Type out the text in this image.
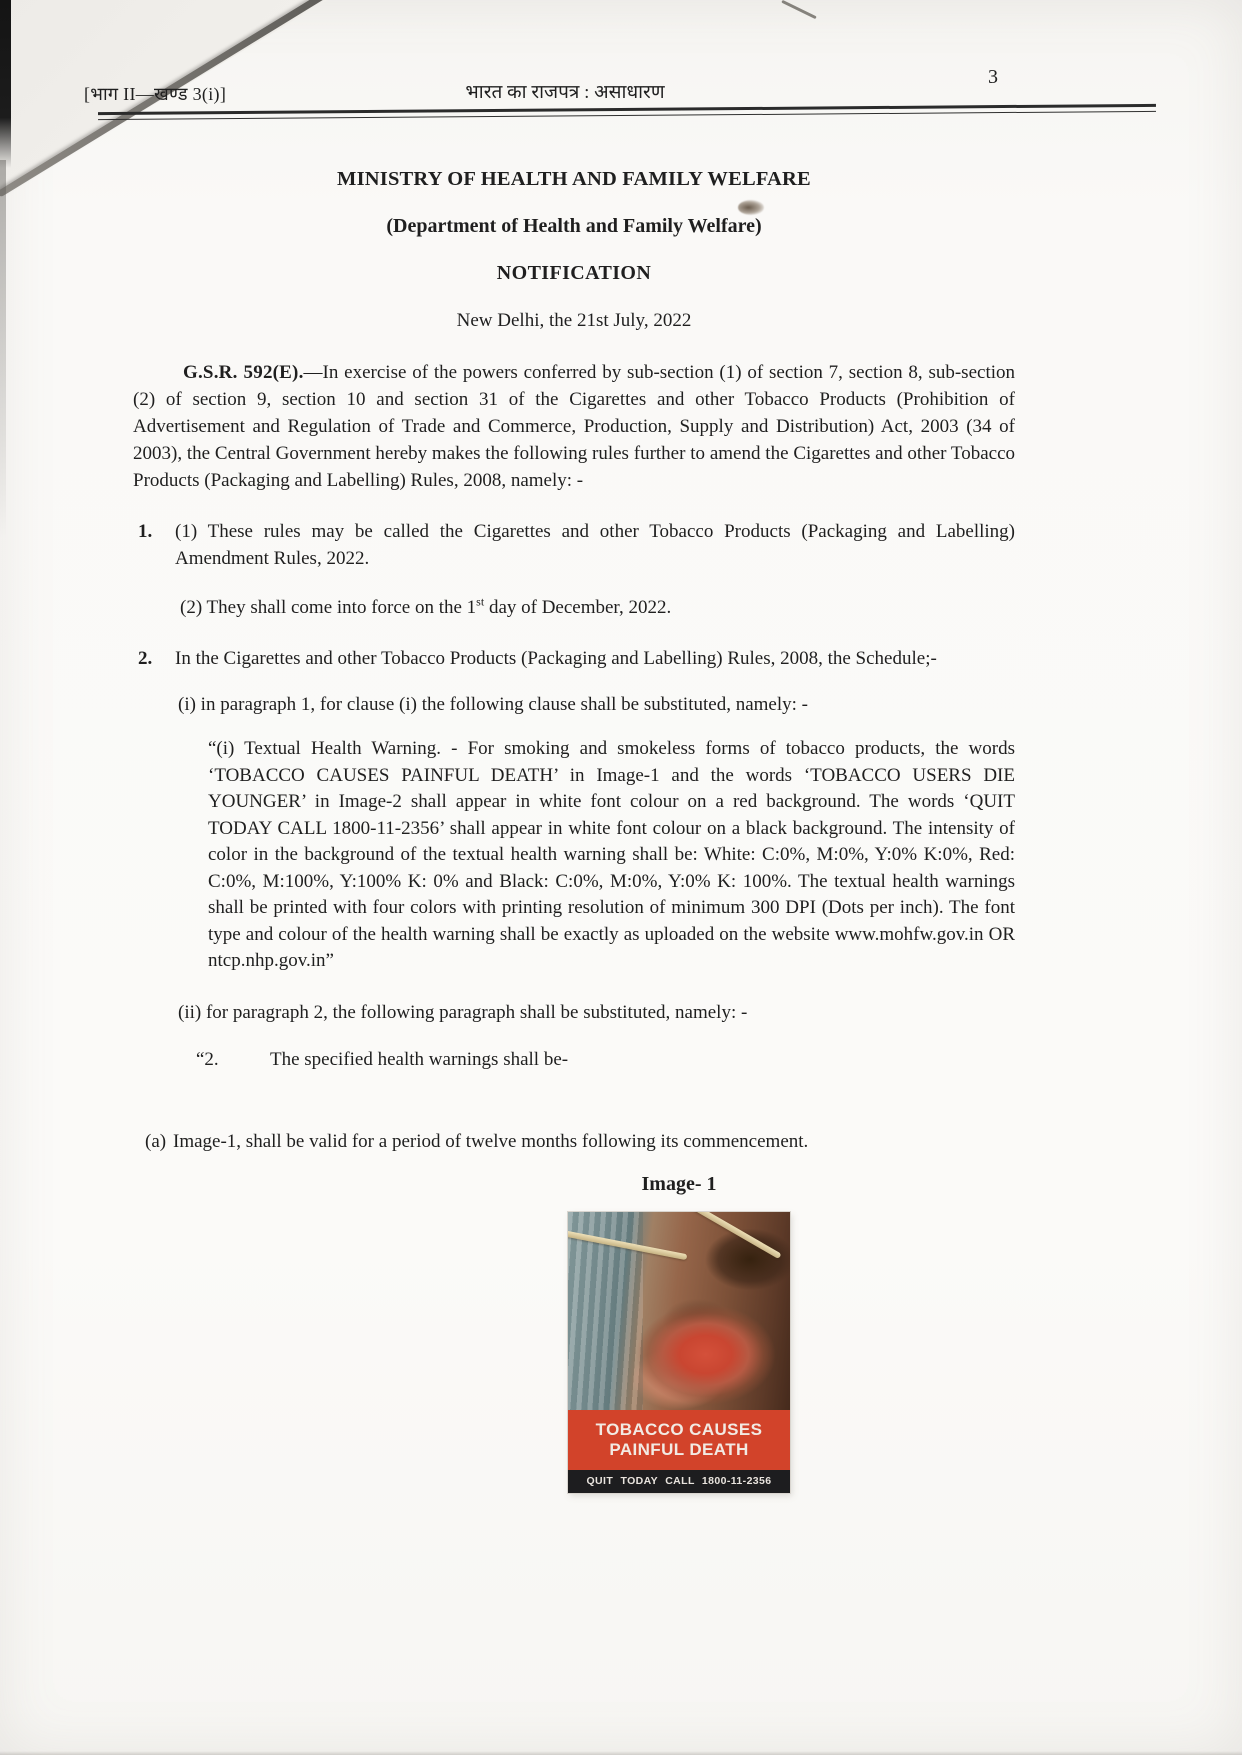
[भाग II—खण्ड 3(i)]	भारत का राजपत्र : असाधारण
3
MINISTRY OF HEALTH AND FAMILY WELFARE
(Department of Health and Family Welfare)
NOTIFICATION
New Delhi, the 21st July, 2022

G.S.R. 592(E).—In exercise of the powers conferred by sub-section (1) of section 7, section 8, sub-section (2) of section 9, section 10 and section 31 of the Cigarettes and other Tobacco Products (Prohibition of Advertisement and Regulation of Trade and Commerce, Production, Supply and Distribution) Act, 2003 (34 of 2003), the Central Government hereby makes the following rules further to amend the Cigarettes and other Tobacco Products (Packaging and Labelling) Rules, 2008, namely: -

1.	(1) These rules may be called the Cigarettes and other Tobacco Products (Packaging and Labelling) Amendment Rules, 2022.
(2) They shall come into force on the 1st day of December, 2022.
2.	In the Cigarettes and other Tobacco Products (Packaging and Labelling) Rules, 2008, the Schedule;-
(i) in paragraph 1, for clause (i) the following clause shall be substituted, namely: -

“(i) Textual Health Warning. - For smoking and smokeless forms of tobacco products, the words ‘TOBACCO CAUSES PAINFUL DEATH’ in Image-1 and the words ‘TOBACCO USERS DIE YOUNGER’ in Image-2 shall appear in white font colour on a red background. The words ‘QUIT TODAY CALL 1800-11-2356’ shall appear in white font colour on a black background. The intensity of color in the background of the textual health warning shall be: White: C:0%, M:0%, Y:0% K:0%, Red: C:0%, M:100%, Y:100% K: 0% and Black: C:0%, M:0%, Y:0% K: 100%. The textual health warnings shall be printed with four colors with printing resolution of minimum 300 DPI (Dots per inch). The font type and colour of the health warning shall be exactly as uploaded on the website www.mohfw.gov.in OR ntcp.nhp.gov.in”

(ii) for paragraph 2, the following paragraph shall be substituted, namely: -
“2.	The specified health warnings shall be-
(a) Image-1, shall be valid for a period of twelve months following its commencement.
Image- 1
TOBACCO CAUSES
PAINFUL DEATH
QUIT TODAY CALL 1800-11-2356
